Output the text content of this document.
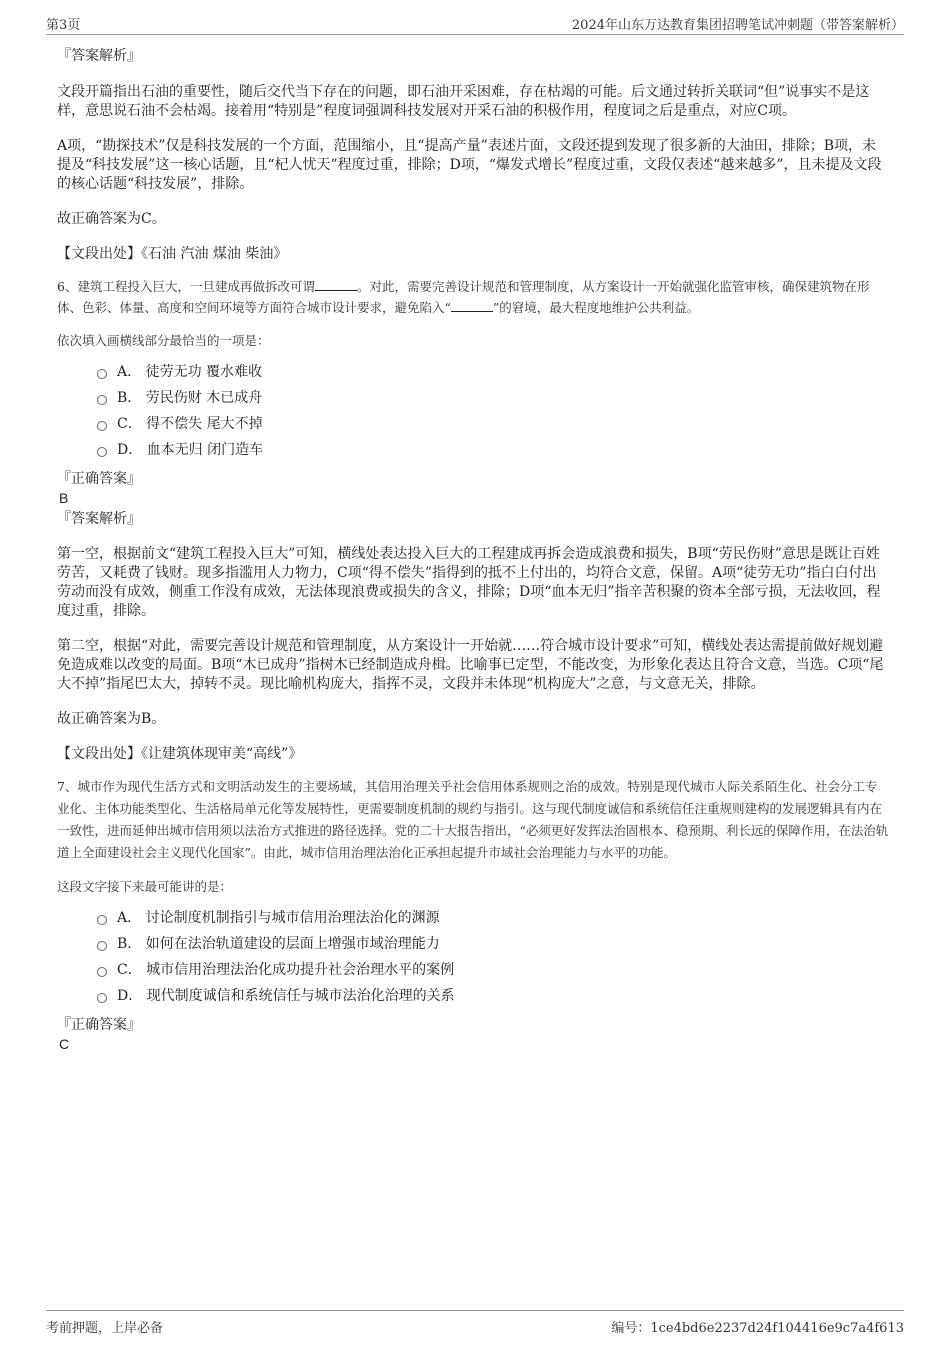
第3页	2024年山东万达教育集团招聘笔试冲刺题（带答案解析）

『答案解析』

文段开篇指出石油的重要性，随后交代当下存在的问题，即石油开采困难，存在枯竭的可能。后文通过转折关联词“但”说事实不是这样，意思说石油不会枯竭。接着用“特别是”程度词强调科技发展对开采石油的积极作用，程度词之后是重点，对应C项。

A项，“勘探技术”仅是科技发展的一个方面，范围缩小，且“提高产量”表述片面，文段还提到发现了很多新的大油田，排除；B项，未提及“科技发展”这一核心话题，且“杞人忧天”程度过重，排除；D项，“爆发式增长”程度过重，文段仅表述“越来越多”，且未提及文段的核心话题“科技发展”，排除。

故正确答案为C。

【文段出处】《石油 汽油 煤油 柴油》

6、建筑工程投入巨大，一旦建成再做拆改可谓	。对此，需要完善设计规范和管理制度，从方案设计一开始就强化监管审核，确保建筑物在形体、色彩、体量、高度和空间环境等方面符合城市设计要求，避免陷入“	”的窘境，最大程度地维护公共利益。

依次填入画横线部分最恰当的一项是：

A．
徒劳无功 覆水难收

B．
劳民伤财 木已成舟

C．
得不偿失 尾大不掉

D．
血本无归 闭门造车

『正确答案』

B

『答案解析』

第一空，根据前文“建筑工程投入巨大”可知，横线处表达投入巨大的工程建成再拆会造成浪费和损失，B项“劳民伤财”意思是既让百姓劳苦，又耗费了钱财。现多指滥用人力物力，C项“得不偿失”指得到的抵不上付出的，均符合文意，保留。A项“徒劳无功”指白白付出劳动而没有成效，侧重工作没有成效，无法体现浪费或损失的含义，排除；D项“血本无归”指辛苦积聚的资本全部亏损，无法收回，程度过重，排除。

第二空，根据“对此，需要完善设计规范和管理制度，从方案设计一开始就……符合城市设计要求”可知，横线处表达需提前做好规划避免造成难以改变的局面。B项“木已成舟”指树木已经制造成舟楫。比喻事已定型，不能改变，为形象化表达且符合文意，当选。C项“尾大不掉”指尾巴太大，掉转不灵。现比喻机构庞大，指挥不灵，文段并未体现“机构庞大”之意，与文意无关，排除。

故正确答案为B。

【文段出处】《让建筑体现审美“高线”》

7、城市作为现代生活方式和文明活动发生的主要场域，其信用治理关乎社会信用体系规则之治的成效。特别是现代城市人际关系陌生化、社会分工专业化、主体功能类型化、生活格局单元化等发展特性，更需要制度机制的规约与指引。这与现代制度诚信和系统信任注重规则建构的发展逻辑具有内在一致性，进而延伸出城市信用须以法治方式推进的路径选择。党的二十大报告指出，“必须更好发挥法治固根本、稳预期、利长远的保障作用，在法治轨道上全面建设社会主义现代化国家”。由此，城市信用治理法治化正承担起提升市域社会治理能力与水平的功能。

这段文字接下来最可能讲的是：

A．
讨论制度机制指引与城市信用治理法治化的渊源

B．
如何在法治轨道建设的层面上增强市域治理能力

C．
城市信用治理法治化成功提升社会治理水平的案例

D．
现代制度诚信和系统信任与城市法治化治理的关系

『正确答案』

C

考前押题，上岸必备	编号：1ce4bd6e2237d24f104416e9c7a4f613
